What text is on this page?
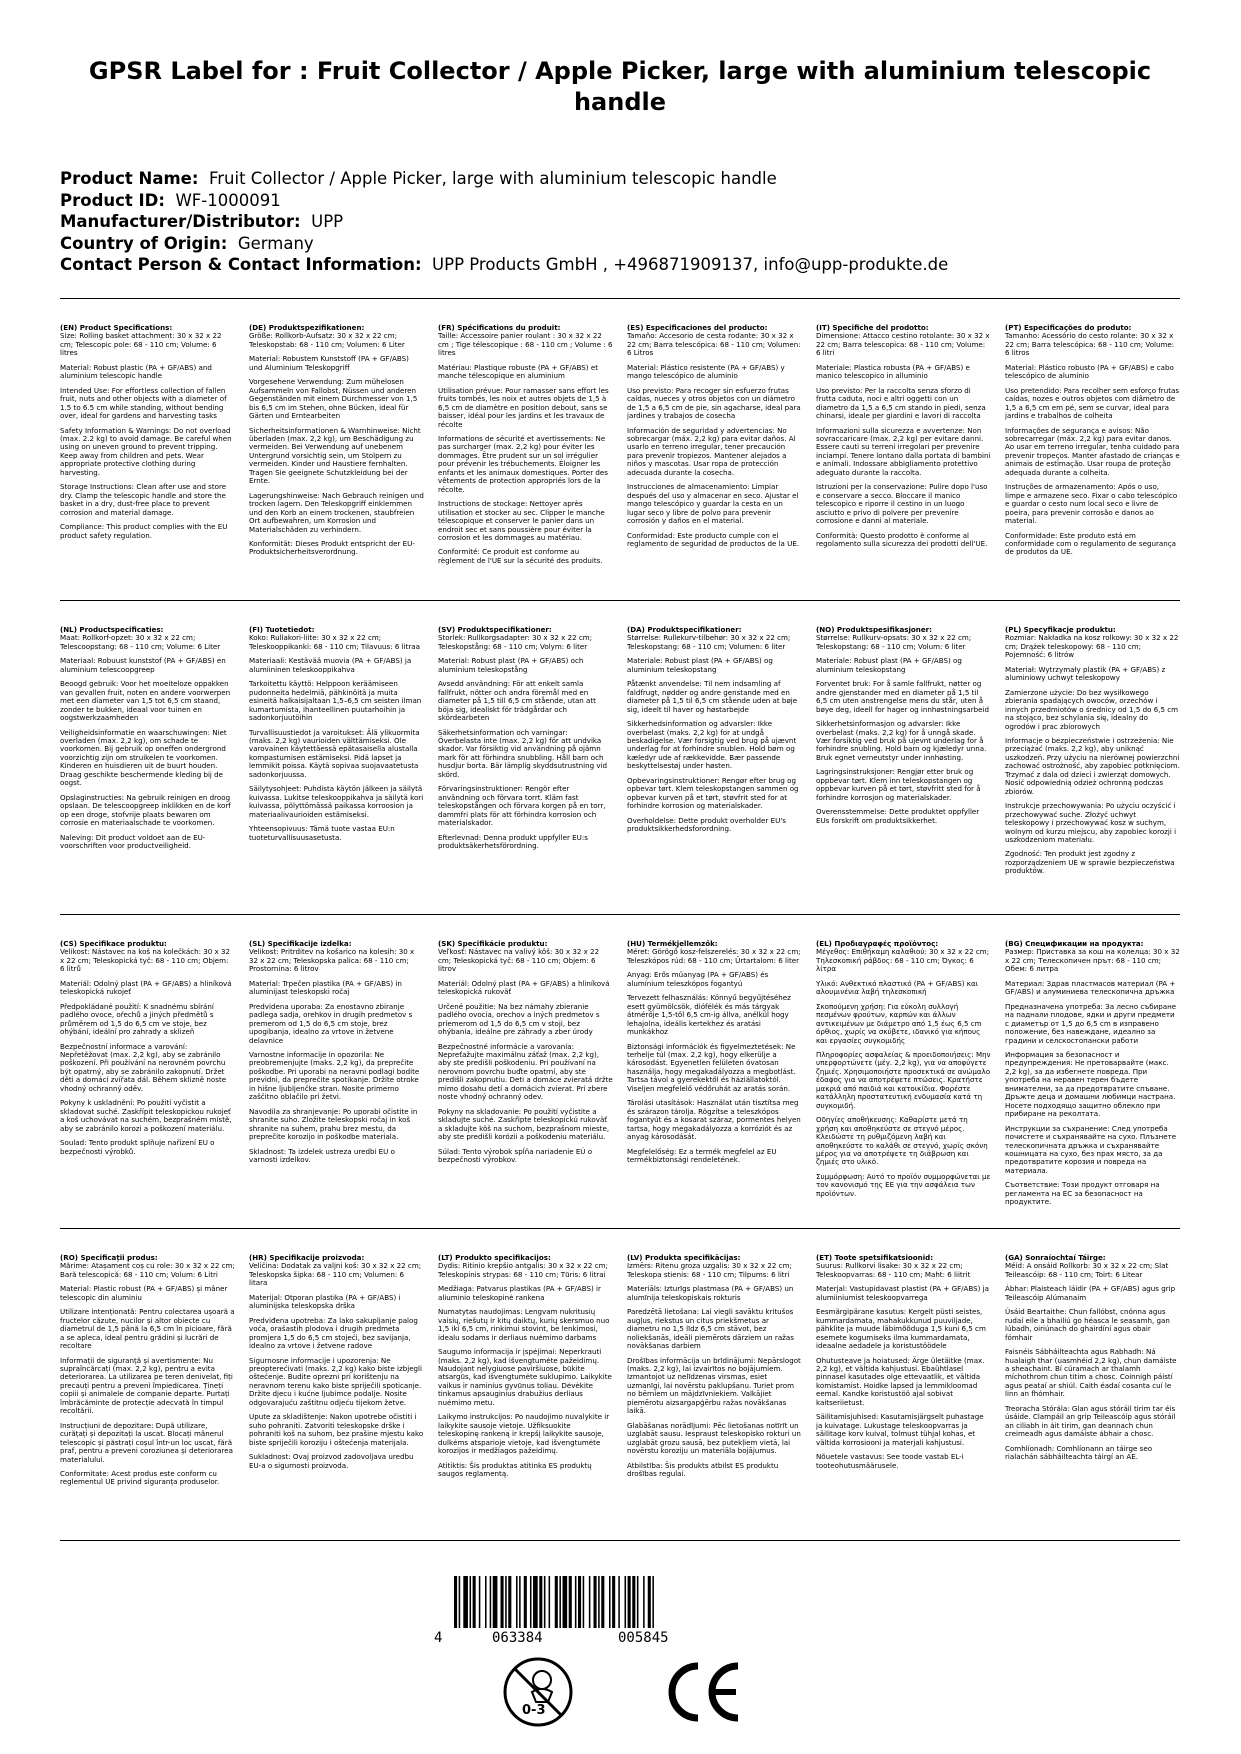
GPSR Label for : Fruit Collector / Apple Picker, large with aluminium telescopic handle
Product Name: Fruit Collector / Apple Picker, large with aluminium telescopic handle
Product ID: WF-1000091
Manufacturer/Distributor: UPP
Country of Origin: Germany
Contact Person & Contact Information: UPP Products GmbH , +496871909137, info@upp-produkte.de
(EN) Product Specifications:

Size: Rolling basket attachment: 30 x 32 x 22 cm; Telescopic pole: 68 - 110 cm; Volume: 6 litres

Material: Robust plastic (PA + GF/ABS) and aluminium telescopic handle

Intended Use: For effortless collection of fallen fruit, nuts and other objects with a diameter of 1.5 to 6.5 cm while standing, without bending over, ideal for gardens and harvesting tasks

Safety Information & Warnings: Do not overload (max. 2.2 kg) to avoid damage. Be careful when using on uneven ground to prevent tripping. Keep away from children and pets. Wear appropriate protective clothing during harvesting.

Storage Instructions: Clean after use and store dry. Clamp the telescopic handle and store the basket in a dry, dust-free place to prevent corrosion and material damage.

Compliance: This product complies with the EU product safety regulation.

(DE) Produktspezifikationen:

Größe: Rollkorb-Aufsatz: 30 x 32 x 22 cm; Teleskopstab: 68 - 110 cm; Volumen: 6 Liter

Material: Robustem Kunststoff (PA + GF/ABS) und Aluminium Teleskopgriff

Vorgesehene Verwendung: Zum mühelosen Aufsammeln von Fallobst, Nüssen und anderen Gegenständen mit einem Durchmesser von 1,5 bis 6,5 cm im Stehen, ohne Bücken, ideal für Gärten und Erntearbeiten

Sicherheitsinformationen & Warnhinweise: Nicht überladen (max. 2,2 kg), um Beschädigung zu vermeiden. Bei Verwendung auf unebenem Untergrund vorsichtig sein, um Stolpern zu vermeiden. Kinder und Haustiere fernhalten. Tragen Sie geeignete Schutzkleidung bei der Ernte.

Lagerungshinweise: Nach Gebrauch reinigen und trocken lagern. Den Teleskopgriff einklemmen und den Korb an einem trockenen, staubfreien Ort aufbewahren, um Korrosion und Materialschäden zu verhindern.

Konformität: Dieses Produkt entspricht der EU-Produktsicherheitsverordnung.

(FR) Spécifications du produit:

Taille: Accessoire panier roulant : 30 x 32 x 22 cm ; Tige télescopique : 68 - 110 cm ; Volume : 6 litres

Matériau: Plastique robuste (PA + GF/ABS) et manche télescopique en aluminium

Utilisation prévue: Pour ramasser sans effort les fruits tombés, les noix et autres objets de 1,5 à 6,5 cm de diamètre en position debout, sans se baisser, idéal pour les jardins et les travaux de récolte

Informations de sécurité et avertissements: Ne pas surcharger (max. 2,2 kg) pour éviter les dommages. Être prudent sur un sol irrégulier pour prévenir les trébuchements. Éloigner les enfants et les animaux domestiques. Porter des vêtements de protection appropriés lors de la récolte.

Instructions de stockage: Nettoyer après utilisation et stocker au sec. Clipper le manche télescopique et conserver le panier dans un endroit sec et sans poussière pour éviter la corrosion et les dommages au matériau.

Conformité: Ce produit est conforme au règlement de l'UE sur la sécurité des produits.

(ES) Especificaciones del producto:

Tamaño: Accesorio de cesta rodante: 30 x 32 x 22 cm; Barra telescópica: 68 - 110 cm; Volumen: 6 Litros

Material: Plástico resistente (PA + GF/ABS) y mango telescópico de aluminio

Uso previsto: Para recoger sin esfuerzo frutas caídas, nueces y otros objetos con un diámetro de 1,5 a 6,5 cm de pie, sin agacharse, ideal para jardines y trabajos de cosecha

Información de seguridad y advertencias: No sobrecargar (máx. 2,2 kg) para evitar daños. Al usarlo en terreno irregular, tener precaución para prevenir tropiezos. Mantener alejados a niños y mascotas. Usar ropa de protección adecuada durante la cosecha.

Instrucciones de almacenamiento: Limpiar después del uso y almacenar en seco. Ajustar el mango telescópico y guardar la cesta en un lugar seco y libre de polvo para prevenir corrosión y daños en el material.

Conformidad: Este producto cumple con el reglamento de seguridad de productos de la UE.

(IT) Specifiche del prodotto:

Dimensione: Attacco cestino rotolante: 30 x 32 x 22 cm; Barra telescopica: 68 - 110 cm; Volume: 6 litri

Materiale: Plastica robusta (PA + GF/ABS) e manico telescopico in alluminio

Uso previsto: Per la raccolta senza sforzo di frutta caduta, noci e altri oggetti con un diametro da 1,5 a 6,5 cm stando in piedi, senza chinarsi, ideale per giardini e lavori di raccolta

Informazioni sulla sicurezza e avvertenze: Non sovraccaricare (max. 2,2 kg) per evitare danni. Essere cauti su terreni irregolari per prevenire inciampi. Tenere lontano dalla portata di bambini e animali. Indossare abbigliamento protettivo adeguato durante la raccolta.

Istruzioni per la conservazione: Pulire dopo l'uso e conservare a secco. Bloccare il manico telescopico e riporre il cestino in un luogo asciutto e privo di polvere per prevenire corrosione e danni al materiale.

Conformità: Questo prodotto è conforme al regolamento sulla sicurezza dei prodotti dell'UE.

(PT) Especificações do produto:

Tamanho: Acessório do cesto rolante: 30 x 32 x 22 cm; Barra telescópica: 68 - 110 cm; Volume: 6 litros

Material: Plástico robusto (PA + GF/ABS) e cabo telescópico de alumínio

Uso pretendido: Para recolher sem esforço frutas caídas, nozes e outros objetos com diâmetro de 1,5 a 6,5 cm em pé, sem se curvar, ideal para jardins e trabalhos de colheita

Informações de segurança e avisos: Não sobrecarregar (máx. 2,2 kg) para evitar danos. Ao usar em terreno irregular, tenha cuidado para prevenir tropeços. Manter afastado de crianças e animais de estimação. Usar roupa de proteção adequada durante a colheita.

Instruções de armazenamento: Após o uso, limpe e armazene seco. Fixar o cabo telescópico e guardar o cesto num local seco e livre de poeira, para prevenir corrosão e danos ao material.

Conformidade: Este produto está em conformidade com o regulamento de segurança de produtos da UE.

(NL) Productspecificaties:

Maat: Rollkorf-opzet: 30 x 32 x 22 cm; Telescoopstang: 68 - 110 cm; Volume: 6 Liter

Materiaal: Robuust kunststof (PA + GF/ABS) en aluminium telescoopgreep

Beoogd gebruik: Voor het moeiteloze oppakken van gevallen fruit, noten en andere voorwerpen met een diameter van 1,5 tot 6,5 cm staand, zonder te bukken, ideaal voor tuinen en oogstwerkzaamheden

Veiligheidsinformatie en waarschuwingen: Niet overladen (max. 2,2 kg), om schade te voorkomen. Bij gebruik op oneffen ondergrond voorzichtig zijn om struikelen te voorkomen. Kinderen en huisdieren uit de buurt houden. Draag geschikte beschermende kleding bij de oogst.

Opslaginstructies: Na gebruik reinigen en droog opslaan. De telescoopgreep inklikken en de korf op een droge, stofvrije plaats bewaren om corrosie en materiaalschade te voorkomen.

Naleving: Dit product voldoet aan de EU-voorschriften voor productveiligheid.

(FI) Tuotetiedot:

Koko: Rullakori-liite: 30 x 32 x 22 cm; Teleskooppikanki: 68 - 110 cm; Tilavuus: 6 litraa

Materiaali: Kestävää muovia (PA + GF/ABS) ja alumiininen teleskooppikahva

Tarkoitettu käyttö: Helppoon keräämiseen pudonneita hedelmiä, pähkinöitä ja muita esineitä halkaisijaltaan 1,5–6,5 cm seisten ilman kumartumista, ihanteellinen puutarhoihin ja sadonkorjuutöihin

Turvallisuustiedot ja varoitukset: Älä ylikuormita (maks. 2,2 kg) vaurioiden välttämiseksi. Ole varovainen käytettäessä epätasaisella alustalla kompastumisen estämiseksi. Pidä lapset ja lemmikit poissa. Käytä sopivaa suojavaatetusta sadonkorjuussa.

Säilytysohjeet: Puhdista käytön jälkeen ja säilytä kuivassa. Lukitse teleskooppikahva ja säilytä kori kuivassa, pölyttömässä paikassa korroosion ja materiaalivaurioiden estämiseksi.

Yhteensopivuus: Tämä tuote vastaa EU:n tuoteturvallisuusasetusta.

(SV) Produktspecifikationer:

Storlek: Rullkorgsadapter: 30 x 32 x 22 cm; Teleskopstång: 68 - 110 cm; Volym: 6 liter

Material: Robust plast (PA + GF/ABS) och aluminium teleskopstång

Avsedd användning: För att enkelt samla fallfrukt, nötter och andra föremål med en diameter på 1,5 till 6,5 cm stående, utan att böja sig, idealiskt för trädgårdar och skördearbeten

Säkerhetsinformation och varningar: Överbelasta inte (max. 2,2 kg) för att undvika skador. Var försiktig vid användning på ojämn mark för att förhindra snubbling. Håll barn och husdjur borta. Bär lämplig skyddsutrustning vid skörd.

Förvaringsinstruktioner: Rengör efter användning och förvara torrt. Kläm fast teleskopstången och förvara korgen på en torr, dammfri plats för att förhindra korrosion och materialskador.

Efterlevnad: Denna produkt uppfyller EU:s produktsäkerhetsförordning.

(DA) Produktspecifikationer:

Størrelse: Rullekurv-tilbehør: 30 x 32 x 22 cm; Teleskopstang: 68 - 110 cm; Volumen: 6 liter

Materiale: Robust plast (PA + GF/ABS) og aluminium teleskopstang

Påtænkt anvendelse: Til nem indsamling af faldfrugt, nødder og andre genstande med en diameter på 1,5 til 6,5 cm stående uden at bøje sig, ideelt til haver og høstarbejde

Sikkerhedsinformation og advarsler: Ikke overbelast (maks. 2,2 kg) for at undgå beskadigelse. Vær forsigtig ved brug på ujævnt underlag for at forhindre snublen. Hold børn og kæledyr ude af rækkevidde. Bær passende beskyttelsestøj under høsten.

Opbevaringsinstruktioner: Rengør efter brug og opbevar tørt. Klem teleskopstangen sammen og opbevar kurven på et tørt, støvfrit sted for at forhindre korrosion og materialskader.

Overholdelse: Dette produkt overholder EU's produktsikkerhedsforordning.

(NO) Produktspesifikasjoner:

Størrelse: Rullkurv-opsats: 30 x 32 x 22 cm; Teleskopstang: 68 - 110 cm; Volum: 6 liter

Materiale: Robust plast (PA + GF/ABS) og aluminium teleskopstang

Forventet bruk: For å samle fallfrukt, nøtter og andre gjenstander med en diameter på 1,5 til 6,5 cm uten anstrengelse mens du står, uten å bøye deg, ideell for hager og innhøstningsarbeid

Sikkerhetsinformasjon og advarsler: Ikke overbelast (maks. 2,2 kg) for å unngå skade. Vær forsiktig ved bruk på ujevnt underlag for å forhindre snubling. Hold barn og kjæledyr unna. Bruk egnet verneutstyr under innhøsting.

Lagringsinstruksjoner: Rengjør etter bruk og oppbevar tørt. Klem inn teleskopstangen og oppbevar kurven på et tørt, støvfritt sted for å forhindre korrosjon og materialskader.

Overensstemmelse: Dette produktet oppfyller EUs forskrift om produktsikkerhet.

(PL) Specyfikacje produktu:

Rozmiar: Nakładka na kosz rolkowy: 30 x 32 x 22 cm; Drążek teleskopowy: 68 - 110 cm; Pojemność: 6 litrów

Materiał: Wytrzymały plastik (PA + GF/ABS) z aluminiowy uchwyt teleskopowy

Zamierzone użycie: Do bez wysiłkowego zbierania spadających owoców, orzechów i innych przedmiotów o średnicy od 1,5 do 6,5 cm na stojąco, bez schylania się, idealny do ogrodów i prac zbiorowych

Informacje o bezpieczeństwie i ostrzeżenia: Nie przeciążać (maks. 2,2 kg), aby uniknąć uszkodzeń. Przy użyciu na nierównej powierzchni zachować ostrożność, aby zapobiec potknięciom. Trzymać z dala od dzieci i zwierząt domowych. Nosić odpowiednią odzież ochronną podczas zbiorów.

Instrukcje przechowywania: Po użyciu oczyścić i przechowywać suche. Złożyć uchwyt teleskopowy i przechowywać kosz w suchym, wolnym od kurzu miejscu, aby zapobiec korozji i uszkodzeniom materiału.

Zgodność: Ten produkt jest zgodny z rozporządzeniem UE w sprawie bezpieczeństwa produktów.

(CS) Specifikace produktu:

Velikost: Nástavec na koš na kolečkách: 30 x 32 x 22 cm; Teleskopická tyč: 68 - 110 cm; Objem: 6 litrů

Materiál: Odolný plast (PA + GF/ABS) a hliníková teleskopická rukojeť

Předpokládané použití: K snadnému sbírání padlého ovoce, ořechů a jiných předmětů s průměrem od 1,5 do 6,5 cm ve stoje, bez ohýbání, ideální pro zahrady a sklizeň

Bezpečnostní informace a varování: Nepřetěžovat (max. 2,2 kg), aby se zabránilo poškození. Při používání na nerovném povrchu být opatrný, aby se zabránilo zakopnutí. Držet děti a domácí zvířata dál. Během sklizně noste vhodný ochranný oděv.

Pokyny k uskladnění: Po použití vyčistit a skladovat suché. Zaskřípit teleskopickou rukojeť a koš uchovávat na suchém, bezprašném místě, aby se zabránilo korozi a poškození materiálu.

Soulad: Tento produkt splňuje nařízení EU o bezpečnosti výrobků.

(SL) Specifikacije izdelka:

Velikost: Pritrditev na košarico na kolesih: 30 x 32 x 22 cm; Teleskopska palica: 68 - 110 cm; Prostornina: 6 litrov

Material: Trpečen plastika (PA + GF/ABS) in aluminijast teleskopski ročaj

Predvidena uporaba: Za enostavno zbiranje padlega sadja, orehkov in drugih predmetov s premerom od 1,5 do 6,5 cm stoje, brez upogibanja, idealno za vrtove in žetvene delavnice

Varnostne informacije in opozorila: Ne preobremenjujte (maks. 2,2 kg), da preprečite poškodbe. Pri uporabi na neravni podlagi bodite previdni, da preprečite spotikanje. Držite otroke in hišne ljubljenčke stran. Nosite primerno zaščitno oblačilo pri žetvi.

Navodila za shranjevanje: Po uporabi očistite in shranite suho. Zložite teleskopski ročaj in koš shranite na suhem, prahu brez mestu, da preprečite korozijo in poškodbe materiala.

Skladnost: Ta izdelek ustreza uredbi EU o varnosti izdelkov.

(SK) Špecifikácie produktu:

Veľkosť: Nástavec na valivý kôš: 30 x 32 x 22 cm; Teleskopická tyč: 68 - 110 cm; Objem: 6 litrov

Materiál: Odolný plast (PA + GF/ABS) a hliníková teleskopická rukoväť

Určené použitie: Na bez námahy zbieranie padlého ovocia, orechov a iných predmetov s priemerom od 1,5 do 6,5 cm v stoji, bez ohýbania, ideálne pre záhrady a zber úrody

Bezpečnostné informácie a varovania: Nepreťažujte maximálnu záťaž (max. 2,2 kg), aby ste predišli poškodeniu. Pri používaní na nerovnom povrchu buďte opatrní, aby ste predišli zakopnutiu. Deti a domáce zvieratá držte mimo dosahu detí a domácich zvierat. Pri zbere noste vhodný ochranný odev.

Pokyny na skladovanie: Po použití vyčistite a skladujte suché. Zaskřipte teleskopickú rukoväť a skladujte kôš na suchom, bezprašnom mieste, aby ste predišli korózii a poškodeniu materiálu.

Súlad: Tento výrobok spĺňa nariadenie EÚ o bezpečnosti výrobkov.

(HU) Termékjellemzők:

Méret: Görögő kosz-felszerelés: 30 x 32 x 22 cm; Teleszkópos rúd: 68 - 110 cm; Űrtartalom: 6 liter

Anyag: Erős műanyag (PA + GF/ABS) és alumínium teleszkópos fogantyú

Tervezett felhasználás: Könnyű begyűjtéséhez esett gyümölcsök, diófélék és más tárgyak átmérője 1,5-től 6,5 cm-ig állva, anélkül hogy lehajolna, ideális kertekhez és aratási munkákhoz

Biztonsági információk és figyelmeztetések: Ne terhelje túl (max. 2,2 kg), hogy elkerülje a károsodást. Egyenetlen felületen óvatosan használja, hogy megakadályozza a megbotlást. Tartsa távol a gyerekektől és háziállatoktól. Viseljen megfelelő védőruhát az aratás során.

Tárolási utasítások: Használat után tisztítsa meg és szárazon tárolja. Rögzítse a teleszkópos fogantyút és a kosarat száraz, pormentes helyen tartsa, hogy megakadályozza a korróziót és az anyag károsodását.

Megfelelőség: Ez a termék megfelel az EU termékbiztonsági rendeletének.

(EL) Προδιαγραφές προϊόντος:

Μέγεθος: Επιθήκαμη καλαθιού: 30 x 32 x 22 cm; Τηλεσκοπική ράβδος: 68 - 110 cm; Όγκος: 6 λίτρα

Υλικό: Ανθεκτικό πλαστικό (PA + GF/ABS) και αλουμινένια λαβή τηλεσκοπική

Σκοπούμενη χρήση: Για εύκολη συλλογή πεσμένων φρούτων, καρπών και άλλων αντικειμένων με διάμετρο από 1,5 έως 6,5 cm όρθιος, χωρίς να σκύβετε, ιδανικό για κήπους και εργασίες συγκομιδής

Πληροφορίες ασφαλείας & προειδοποιήσεις: Μην υπερφορτώνετε (μέγ. 2,2 kg), για να αποφύγετε ζημιές. Χρησιμοποιήστε προσεκτικά σε ανώμαλο έδαφος για να αποτρέψετε πτώσεις. Κρατήστε μακριά από παιδιά και κατοικίδια. Φορέστε κατάλληλη προστατευτική ενδυμασία κατά τη συγκομιδή.

Οδηγίες αποθήκευσης: Καθαρίστε μετά τη χρήση και αποθηκεύστε σε στεγνό μέρος. Κλειδώστε τη ρυθμιζόμενη λαβή και αποθηκεύστε το καλάθι σε στεγνό, χωρίς σκόνη μέρος για να αποτρέψετε τη διάβρωση και ζημιές στο υλικό.

Συμμόρφωση: Αυτό το προϊόν συμμορφώνεται με τον κανονισμό της ΕΕ για την ασφάλεια των προϊόντων.

(BG) Спецификации на продукта:

Размер: Приставка за кош на колелца: 30 x 32 x 22 cm; Телескопичен прът: 68 - 110 cm; Обем: 6 литра

Материал: Здрав пластмасов материал (PA + GF/ABS) и алуминиева телескопична дръжка

Предназначена употреба: За лесно събиране на паднали плодове, ядки и други предмети с диаметър от 1,5 до 6,5 cm в изправено положение, без навеждане, идеално за градини и селскостопански работи

Информация за безопасност и предупреждения: Не претоварвайте (макс. 2,2 kg), за да избегнете повреда. При употреба на неравен терен бъдете внимателни, за да предотвратите спъване. Дръжте деца и домашни любимци настрана. Носете подходящо защитно облекло при прибиране на реколтата.

Инструкции за съхранение: След употреба почистете и съхранявайте на сухо. Плъзнете телескопичната дръжка и съхранявайте кошницата на сухо, без прах място, за да предотвратите корозия и повреда на материала.

Съответствие: Този продукт отговаря на регламента на ЕС за безопасност на продуктите.

(RO) Specificații produs:

Mărime: Atașament coș cu role: 30 x 32 x 22 cm; Bară telescopică: 68 - 110 cm; Volum: 6 Litri

Material: Plastic robust (PA + GF/ABS) și mâner telescopic din aluminiu

Utilizare intenționată: Pentru colectarea ușoară a fructelor căzute, nucilor și altor obiecte cu diametrul de 1,5 până la 6,5 cm în picioare, fără a se apleca, ideal pentru grădini și lucrări de recoltare

Informații de siguranță și avertismente: Nu supraîncărcați (max. 2,2 kg), pentru a evita deteriorarea. La utilizarea pe teren denivelat, fiți precauți pentru a preveni împiedicarea. Țineți copiii și animalele de companie departe. Purtați îmbrăcăminte de protecție adecvată în timpul recoltării.

Instrucțiuni de depozitare: După utilizare, curățați și depozitați la uscat. Blocați mânerul telescopic și păstrați coșul într-un loc uscat, fără praf, pentru a preveni coroziunea și deteriorarea materialului.

Conformitate: Acest produs este conform cu reglementul UE privind siguranța produselor.

(HR) Specifikacije proizvoda:

Veličina: Dodatak za valjni koš: 30 x 32 x 22 cm; Teleskopska šipka: 68 - 110 cm; Volumen: 6 litara

Materijal: Otporan plastika (PA + GF/ABS) i aluminijska teleskopska drška

Predviđena upotreba: Za lako sakupljanje palog voća, orašastih plodova i drugih predmeta promjera 1,5 do 6,5 cm stojeći, bez savijanja, idealno za vrtove i žetvene radove

Sigurnosne informacije i upozorenja: Ne preopterećivati (maks. 2,2 kg) kako biste izbjegli oštećenje. Budite oprezni pri korištenju na neravnom terenu kako biste spriječili spoticanje. Držite djecu i kućne ljubimce podalje. Nosite odgovarajuću zaštitnu odjeću tijekom žetve.

Upute za skladištenje: Nakon upotrebe očistiti i suho pohraniti. Zatvoriti teleskopske drške i pohraniti koš na suhom, bez prašine mjestu kako biste spriječili koroziju i oštećenja materijala.

Sukladnost: Ovaj proizvod zadovoljava uredbu EU-a o sigurnosti proizvoda.

(LT) Produkto specifikacijos:

Dydis: Ritinio krepšio antgalis: 30 x 32 x 22 cm; Teleskopinis strypas: 68 - 110 cm; Tūris: 6 litrai

Medžiaga: Patvarus plastikas (PA + GF/ABS) ir aliuminio teleskopinė rankena

Numatytas naudojimas: Lengvam nukritusių vaisių, riešutų ir kitų daiktų, kurių skersmuo nuo 1,5 iki 6,5 cm, rinkimui stovint, be lenkimosi, idealu sodams ir derliaus nuėmimo darbams

Saugumo informacija ir įspėjimai: Neperkrauti (maks. 2,2 kg), kad išvengtumėte pažeidimų. Naudojant nelygiuose paviršiuose, būkite atsargūs, kad išvengtumėte suklupimo. Laikykite vaikus ir naminius gyvūnus toliau. Dėvėkite tinkamus apsauginius drabužius derliaus nuėmimo metu.

Laikymo instrukcijos: Po naudojimo nuvalykite ir laikykite sausoje vietoje. Užfiksuokite teleskopinę rankeną ir krepšį laikykite sausoje, dulkėms atsparioje vietoje, kad išvengtumėte korozijos ir medžiagos pažeidimų.

Atitiktis: Šis produktas atitinka ES produktų saugos reglamentą.

(LV) Produkta specifikācijas:

Izmērs: Ritenu groza uzgalis: 30 x 32 x 22 cm; Teleskopa stienis: 68 - 110 cm; Tilpums: 6 litri

Materiāls: Izturīgs plastmasa (PA + GF/ABS) un alumīnija teleskopiskais rokturis

Paredzētā lietošana: Lai viegli savāktu kritušos augļus, riekstus un citus priekšmetus ar diametru no 1,5 līdz 6,5 cm stāvot, bez noliekšanās, ideāli piemērots dārziem un ražas novākšanas darbiem

Drošības informācija un brīdinājumi: Nepārslogot (maks. 2,2 kg), lai izvairītos no bojājumiem. Izmantojot uz nelīdzenas virsmas, esiet uzmanīgi, lai novērstu paklupšanu. Turiet prom no bērniem un mājdzīvniekiem. Valkājiet piemērotu aizsargapģērbu ražas novākšanas laikā.

Glabāšanas norādījumi: Pēc lietošanas notīrīt un uzglabāt sausu. Iespraust teleskopisko rokturi un uzglabāt grozu sausā, bez putekļiem vietā, lai novērstu koroziju un materiāla bojājumus.

Atbilstība: Šis produkts atbilst ES produktu drošības regulai.

(ET) Toote spetsifikatsioonid:

Suurus: Rullkorvi lisake: 30 x 32 x 22 cm; Teleskoopvarras: 68 - 110 cm; Maht: 6 liitrit

Materjal: Vastupidavast plastist (PA + GF/ABS) ja alumiiniumist teleskoopvarrega

Eesmärgipärane kasutus: Kergelt püsti seistes, kummardamata, mahakukkunud puuviljade, pähklite ja muude läbimõõduga 1,5 kuni 6,5 cm esemete kogumiseks ilma kummardamata, ideaalne aedadele ja koristustöödele

Ohutusteave ja hoiatused: Ärge ületäitke (max. 2,2 kg), et vältida kahjustusi. Ebaühtlasel pinnasel kasutades olge ettevaatlik, et vältida komistamist. Hoidke lapsed ja lemmikloomad eemal. Kandke koristustöö ajal sobivat kaitseriietust.

Säilitamisjuhised: Kasutamisjärgselt puhastage ja kuivatage. Lukustage teleskoopvarras ja säilitage korv kuival, tolmust tühjal kohas, et vältida korrosiooni ja materjali kahjustusi.

Nõuetele vastavus: See toode vastab EL-i tooteohutusmäärusele.

(GA) Sonraíochtaí Táirge:

Méid: A onsáid Rollkorb: 30 x 32 x 22 cm; Slat Teileascóip: 68 - 110 cm; Toirt: 6 Litear

Ábhar: Plaisteach láidir (PA + GF/ABS) agus grip Teileascóip Alúmanaim

Úsáid Beartaithe: Chun fallóbst, cnónna agus rudaí eile a bhailiú go héasca le seasamh, gan lúbadh, oiriúnach do ghairdíní agus obair fómhair

Faisnéis Sábháilteachta agus Rabhadh: Ná hualaigh thar (uasmhéid 2,2 kg), chun damáiste a sheachaint. Bí cúramach ar thalamh míchothrom chun titim a chosc. Coinnigh páistí agus peataí ar shiúl. Caith éadaí cosanta cuí le linn an fhómhair.

Treoracha Stórála: Glan agus stóráil tirim tar éis úsáide. Clampáil an grip Teileascóip agus stóráil an ciliabh in áit tirim, gan deannach chun creimeadh agus damáiste ábhair a chosc.

Comhlíonadh: Comhlíonann an táirge seo rialachán sábháilteachta táirgí an AE.

4	063384	005845
0-3
